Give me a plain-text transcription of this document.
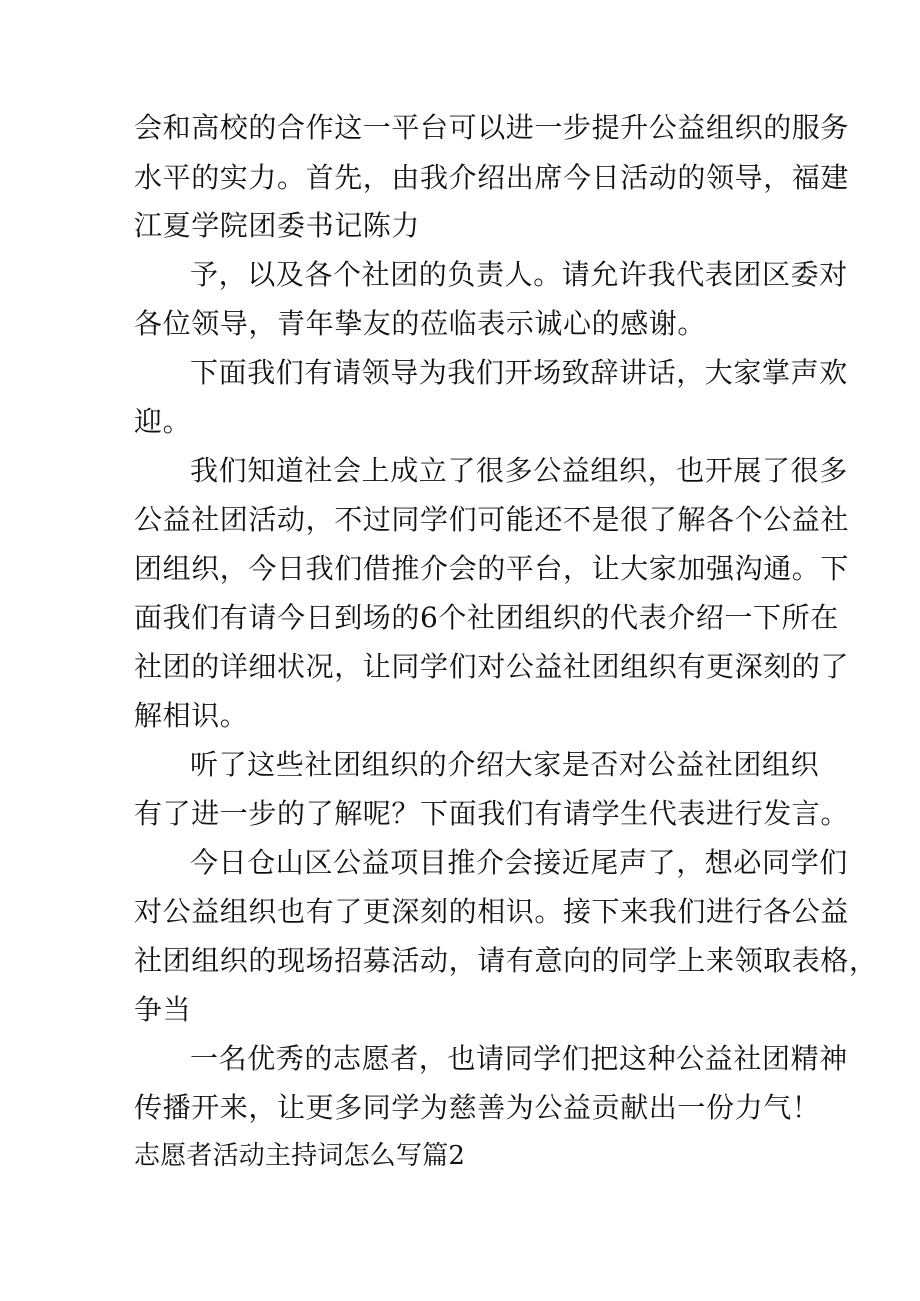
会和高校的合作这一平台可以进一步提升公益组织的服务
水平的实力。首先，由我介绍出席今日活动的领导，福建
江夏学院团委书记陈力
予，以及各个社团的负责人。请允许我代表团区委对
各位领导，青年挚友的莅临表示诚心的感谢。
下面我们有请领导为我们开场致辞讲话，大家掌声欢
迎。
我们知道社会上成立了很多公益组织，也开展了很多
公益社团活动，不过同学们可能还不是很了解各个公益社
团组织，今日我们借推介会的平台，让大家加强沟通。下
面我们有请今日到场的6个社团组织的代表介绍一下所在
社团的详细状况，让同学们对公益社团组织有更深刻的了
解相识。
听了这些社团组织的介绍大家是否对公益社团组织
有了进一步的了解呢？下面我们有请学生代表进行发言。
今日仓山区公益项目推介会接近尾声了，想必同学们
对公益组织也有了更深刻的相识。接下来我们进行各公益
社团组织的现场招募活动，请有意向的同学上来领取表格，
争当
一名优秀的志愿者，也请同学们把这种公益社团精神
传播开来，让更多同学为慈善为公益贡献出一份力气！
志愿者活动主持词怎么写篇2
